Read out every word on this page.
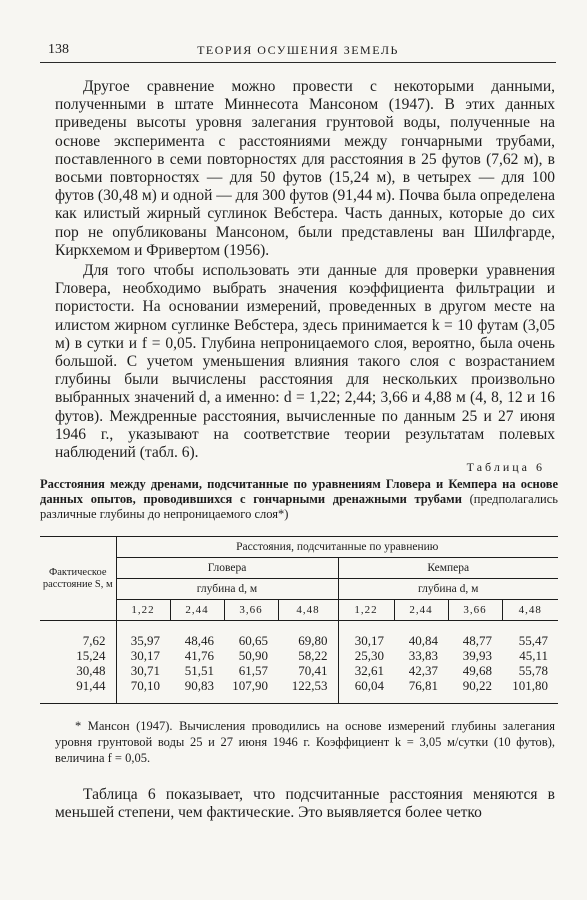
138	ТЕОРИЯ ОСУШЕНИЯ ЗЕМЕЛЬ

Другое сравнение можно провести с некоторыми данными, полученными в штате Миннесота Мансоном (1947). В этих данных приведены высоты уровня залегания грунтовой воды, полученные на основе эксперимента с расстояниями между гончарными трубами, поставленного в семи повторностях для расстояния в 25 футов (7,62 м), в восьми повторностях — для 50 футов (15,24 м), в четырех — для 100 футов (30,48 м) и одной — для 300 футов (91,44 м). Почва была определена как илистый жирный суглинок Вебстера. Часть данных, которые до сих пор не опубликованы Мансоном, были представлены ван Шилфгарде, Киркхемом и Фривертом (1956).

Для того чтобы использовать эти данные для проверки уравнения Гловера, необходимо выбрать значения коэффициента фильтрации и пористости. На основании измерений, проведенных в другом месте на илистом жирном суглинке Вебстера, здесь принимается k = 10 футам (3,05 м) в сутки и f = 0,05. Глубина непроницаемого слоя, вероятно, была очень большой. С учетом уменьшения влияния такого слоя с возрастанием глубины были вычислены расстояния для нескольких произвольно выбранных значений d, а именно: d = 1,22; 2,44; 3,66 и 4,88 м (4, 8, 12 и 16 футов). Междренные расстояния, вычисленные по данным 25 и 27 июня 1946 г., указывают на соответствие теории результатам полевых наблюдений (табл. 6).

Таблица 6
Расстояния между дренами, подсчитанные по уравнениям Гловера и Кемпера на основе данных опытов, проводившихся с гончарными дренажными трубами (предполагались различные глубины до непроницаемого слоя*)
Фактическое расстояние S, м	Расстояния, подсчитанные по уравнению							
	Гловера				Кемпера			
	глубина d, м				глубина d, м			
	1,22	2,44	3,66	4,48	1,22	2,44	3,66	4,48
7,62	35,97	48,46	60,65	69,80	30,17	40,84	48,77	55,47
15,24	30,17	41,76	50,90	58,22	25,30	33,83	39,93	45,11
30,48	30,71	51,51	61,57	70,41	32,61	42,37	49,68	55,78
91,44	70,10	90,83	107,90	122,53	60,04	76,81	90,22	101,80

* Мансон (1947). Вычисления проводились на основе измерений глубины залегания уровня грунтовой воды 25 и 27 июня 1946 г. Коэффициент k = 3,05 м/сутки (10 футов), величина f = 0,05.

Таблица 6 показывает, что подсчитанные расстояния меняются в меньшей степени, чем фактические. Это выявляется более четко
